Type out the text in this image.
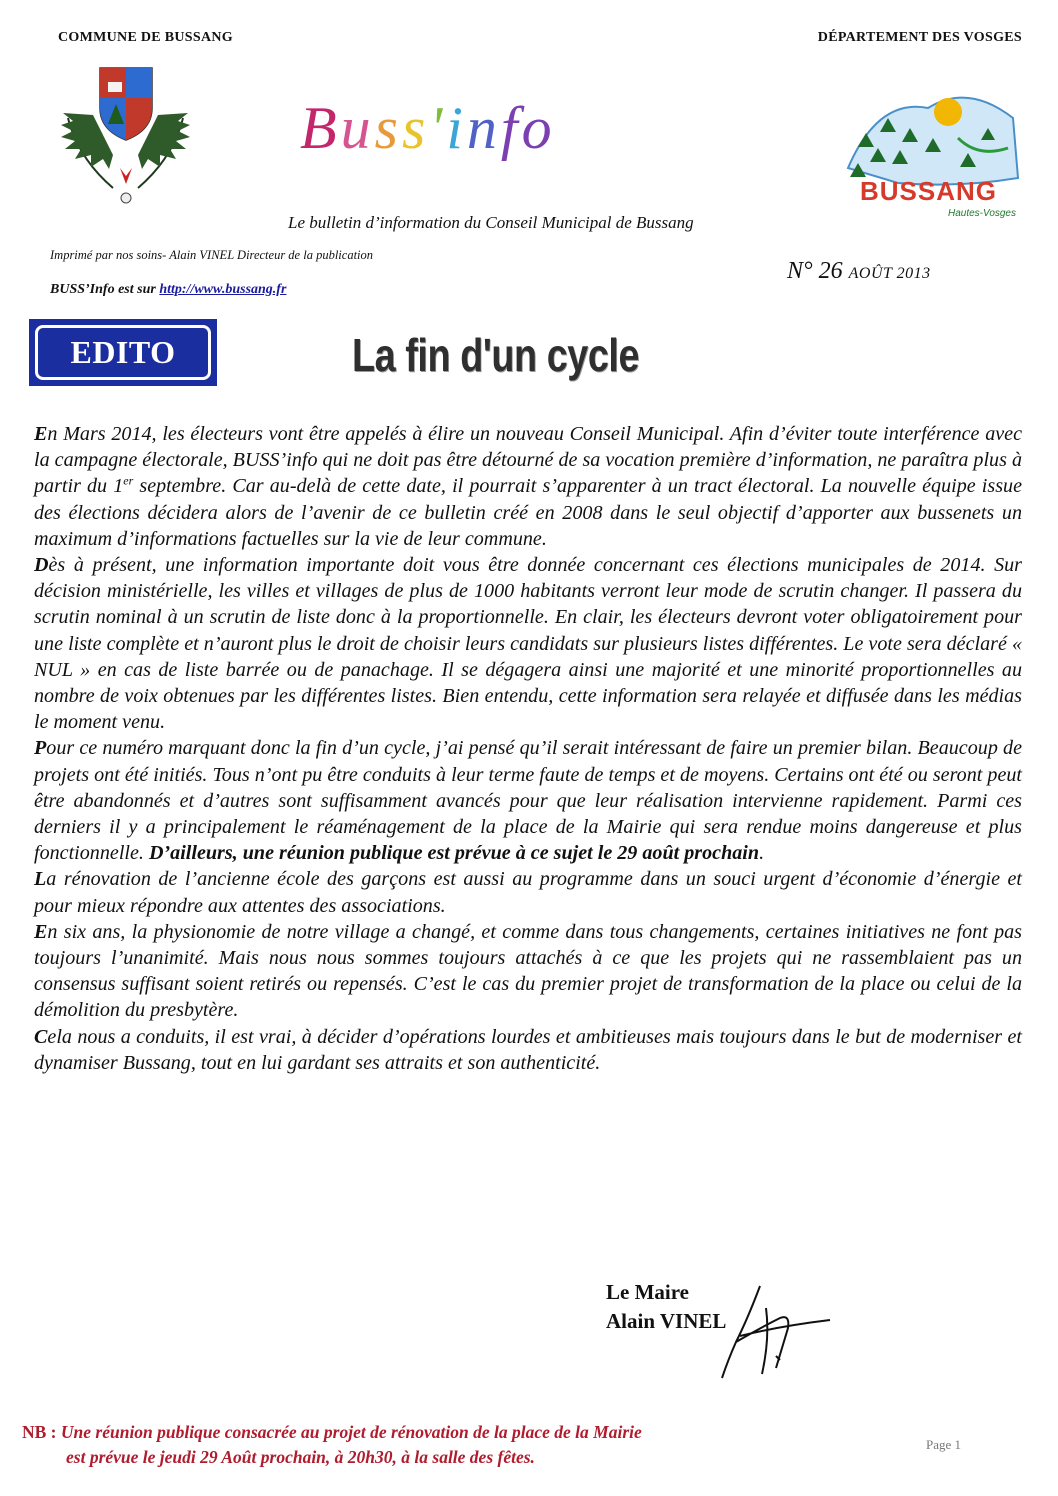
COMMUNE DE BUSSANG	DÉPARTEMENT DES VOSGES
Buss'info
BUSSANG
Hautes-Vosges
Le bulletin d’information du Conseil Municipal de Bussang
Imprimé par nos soins- Alain VINEL Directeur de la publication
N° 26 AOÛT 2013
BUSS’Info est sur http://www.bussang.fr
EDITO	La fin d'un cycle

En Mars 2014, les électeurs vont être appelés à élire un nouveau Conseil Municipal. Afin d’éviter toute interférence avec la campagne électorale, BUSS’info qui ne doit pas être détourné de sa vocation première d’information, ne paraîtra plus à partir du 1er septembre. Car au-delà de cette date, il pourrait s’apparenter à un tract électoral. La nouvelle équipe issue des élections décidera alors de l’avenir de ce bulletin créé en 2008 dans le seul objectif d’apporter aux bussenets un maximum d’informations factuelles sur la vie de leur commune.

Dès à présent, une information importante doit vous être donnée concernant ces élections municipales de 2014. Sur décision ministérielle, les villes et villages de plus de 1000 habitants verront leur mode de scrutin changer. Il passera du scrutin nominal à un scrutin de liste donc à la proportionnelle. En clair, les électeurs devront voter obligatoirement pour une liste complète et n’auront plus le droit de choisir leurs candidats sur plusieurs listes différentes. Le vote sera déclaré « NUL » en cas de liste barrée ou de panachage. Il se dégagera ainsi une majorité et une minorité proportionnelles au nombre de voix obtenues par les différentes listes. Bien entendu, cette information sera relayée et diffusée dans les médias le moment venu.

Pour ce numéro marquant donc la fin d’un cycle, j’ai pensé qu’il serait intéressant de faire un premier bilan. Beaucoup de projets ont été initiés. Tous n’ont pu être conduits à leur terme faute de temps et de moyens. Certains ont été ou seront peut être abandonnés et d’autres sont suffisamment avancés pour que leur réalisation intervienne rapidement. Parmi ces derniers il y a principalement le réaménagement de la place de la Mairie qui sera rendue moins dangereuse et plus fonctionnelle. D’ailleurs, une réunion publique est prévue à ce sujet le 29 août prochain.

La rénovation de l’ancienne école des garçons est aussi au programme dans un souci urgent d’économie d’énergie et pour mieux répondre aux attentes des associations.

En six ans, la physionomie de notre village a changé, et comme dans tous changements, certaines initiatives ne font pas toujours l’unanimité. Mais nous nous sommes toujours attachés à ce que les projets qui ne rassemblaient pas un consensus suffisant soient retirés ou repensés. C’est le cas du premier projet de transformation de la place ou celui de la démolition du presbytère.

Cela nous a conduits, il est vrai, à décider d’opérations lourdes et ambitieuses mais toujours dans le but de moderniser et dynamiser Bussang, tout en lui gardant ses attraits et son authenticité.

Le Maire
Alain VINEL
NB : Une réunion publique consacrée au projet de rénovation de la place de la Mairie
est prévue le jeudi 29 Août prochain, à 20h30, à la salle des fêtes.
Page 1
